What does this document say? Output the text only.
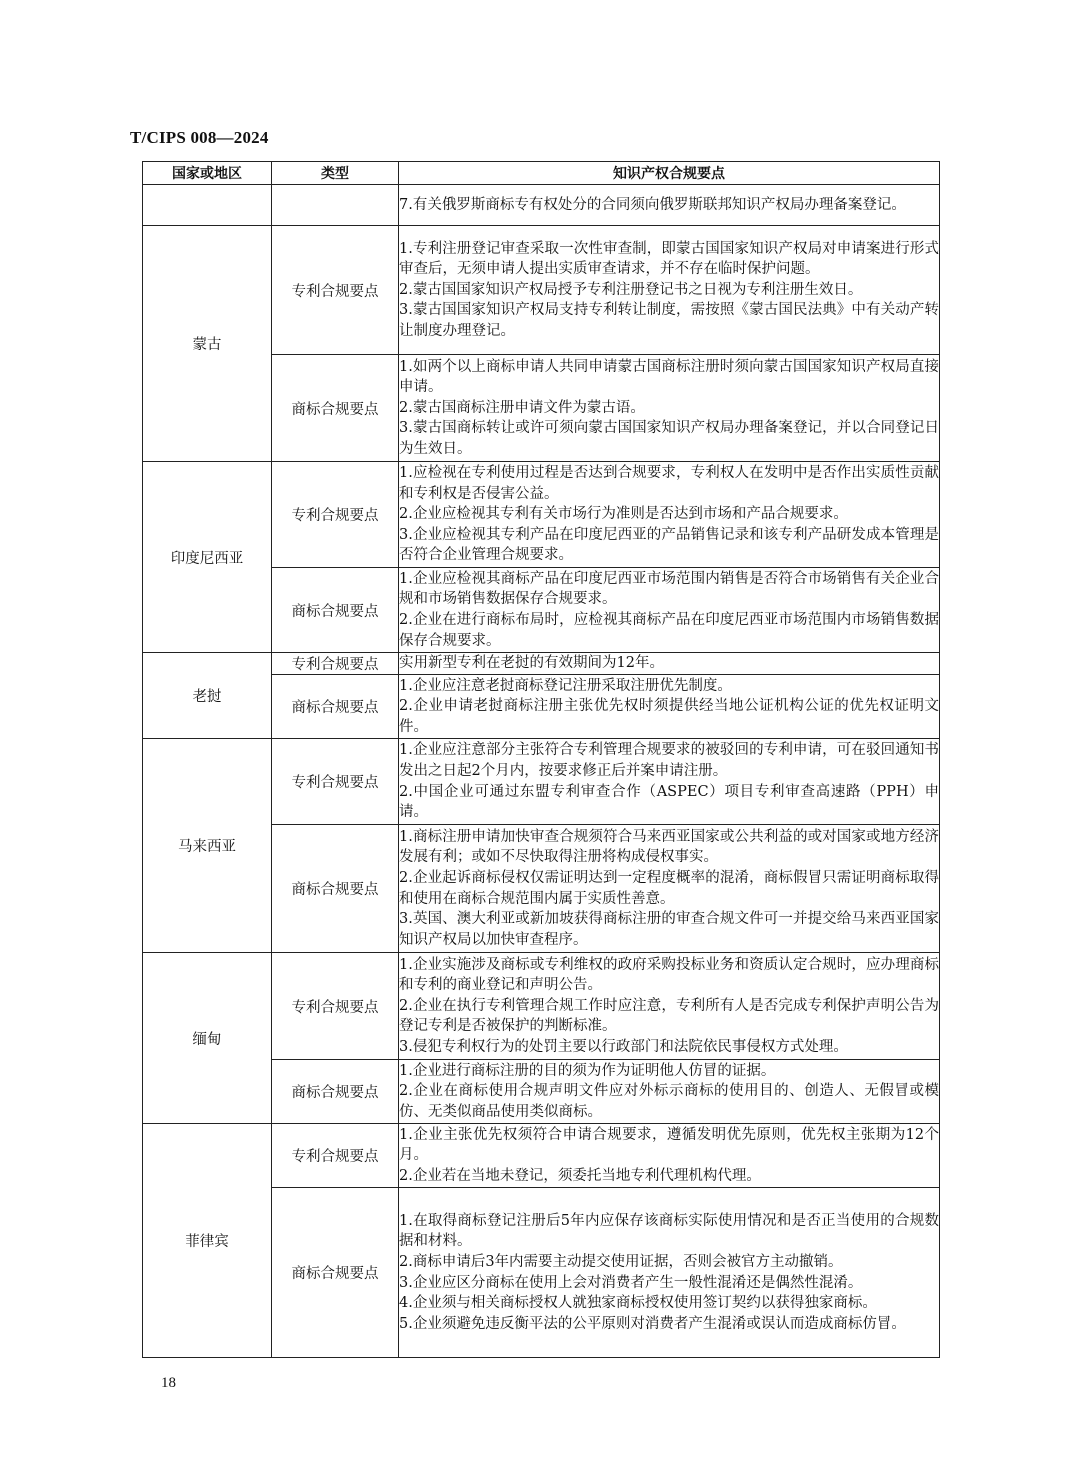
T/CIPS 008—2024
国家或地区	类型	知识产权合规要点

		7.有关俄罗斯商标专有权处分的合同须向俄罗斯联邦知识产权局办理备案登记。

蒙古	专利合规要点	1.专利注册登记审查采取一次性审查制，即蒙古国国家知识产权局对申请案进行形式审查后，无须申请人提出实质审查请求，并不存在临时保护问题。
2.蒙古国国家知识产权局授予专利注册登记书之日视为专利注册生效日。
3.蒙古国国家知识产权局支持专利转让制度，需按照《蒙古国民法典》中有关动产转让制度办理登记。

	商标合规要点	1.如两个以上商标申请人共同申请蒙古国商标注册时须向蒙古国国家知识产权局直接申请。
2.蒙古国商标注册申请文件为蒙古语。
3.蒙古国商标转让或许可须向蒙古国国家知识产权局办理备案登记，并以合同登记日为生效日。

印度尼西亚	专利合规要点	1.应检视在专利使用过程是否达到合规要求，专利权人在发明中是否作出实质性贡献和专利权是否侵害公益。
2.企业应检视其专利有关市场行为准则是否达到市场和产品合规要求。
3.企业应检视其专利产品在印度尼西亚的产品销售记录和该专利产品研发成本管理是否符合企业管理合规要求。

	商标合规要点	1.企业应检视其商标产品在印度尼西亚市场范围内销售是否符合市场销售有关企业合规和市场销售数据保存合规要求。
2.企业在进行商标布局时，应检视其商标产品在印度尼西亚市场范围内市场销售数据保存合规要求。

老挝	专利合规要点	实用新型专利在老挝的有效期间为12年。

	商标合规要点	1.企业应注意老挝商标登记注册采取注册优先制度。
2.企业申请老挝商标注册主张优先权时须提供经当地公证机构公证的优先权证明文件。

马来西亚	专利合规要点	1.企业应注意部分主张符合专利管理合规要求的被驳回的专利申请，可在驳回通知书发出之日起2个月内，按要求修正后并案申请注册。
2.中国企业可通过东盟专利审查合作（ASPEC）项目专利审查高速路（PPH）申请。

	商标合规要点	1.商标注册申请加快审查合规须符合马来西亚国家或公共利益的或对国家或地方经济发展有利；或如不尽快取得注册将构成侵权事实。
2.企业起诉商标侵权仅需证明达到一定程度概率的混淆，商标假冒只需证明商标取得和使用在商标合规范围内属于实质性善意。
3.英国、澳大利亚或新加坡获得商标注册的审查合规文件可一并提交给马来西亚国家知识产权局以加快审查程序。

缅甸	专利合规要点	1.企业实施涉及商标或专利维权的政府采购投标业务和资质认定合规时，应办理商标和专利的商业登记和声明公告。
2.企业在执行专利管理合规工作时应注意，专利所有人是否完成专利保护声明公告为登记专利是否被保护的判断标准。
3.侵犯专利权行为的处罚主要以行政部门和法院依民事侵权方式处理。

	商标合规要点	1.企业进行商标注册的目的须为作为证明他人仿冒的证据。
2.企业在商标使用合规声明文件应对外标示商标的使用目的、创造人、无假冒或模仿、无类似商品使用类似商标。

菲律宾	专利合规要点	1.企业主张优先权须符合申请合规要求，遵循发明优先原则，优先权主张期为12个月。
2.企业若在当地未登记，须委托当地专利代理机构代理。

	商标合规要点	1.在取得商标登记注册后5年内应保存该商标实际使用情况和是否正当使用的合规数据和材料。
2.商标申请后3年内需要主动提交使用证据，否则会被官方主动撤销。
3.企业应区分商标在使用上会对消费者产生一般性混淆还是偶然性混淆。
4.企业须与相关商标授权人就独家商标授权使用签订契约以获得独家商标。
5.企业须避免违反衡平法的公平原则对消费者产生混淆或误认而造成商标仿冒。
18
